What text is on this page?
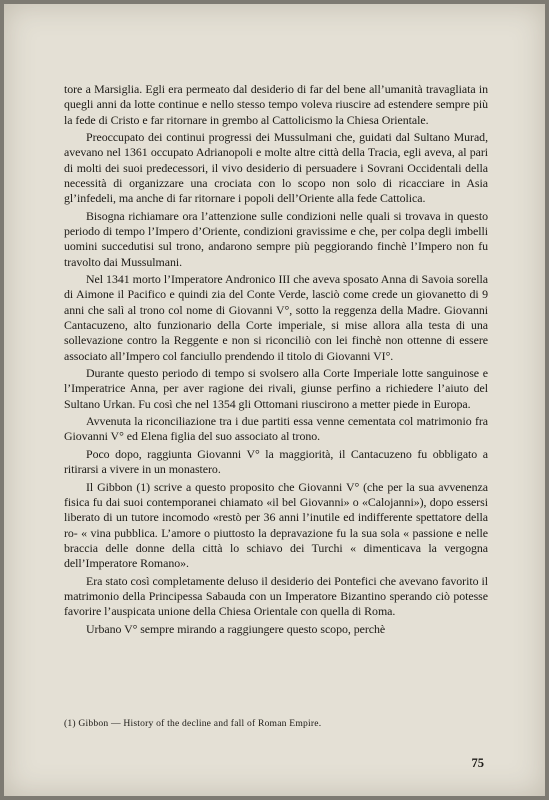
tore a Marsiglia. Egli era permeato dal desiderio di far del bene all’umanità travagliata in quegli anni da lotte continue e nello stesso tempo voleva riuscire ad estendere sempre più la fede di Cristo e far ritornare in grembo al Cattolicismo la Chiesa Orientale.

Preoccupato dei continui progressi dei Mussulmani che, guidati dal Sultano Murad, avevano nel 1361 occupato Adrianopoli e molte altre città della Tracia, egli aveva, al pari di molti dei suoi predecessori, il vivo desiderio di persuadere i Sovrani Occidentali della necessità di organizzare una crociata con lo scopo non solo di ricacciare in Asia gl’infedeli, ma anche di far ritornare i popoli dell’Oriente alla fede Cattolica.

Bisogna richiamare ora l’attenzione sulle condizioni nelle quali si trovava in questo periodo di tempo l’Impero d’Oriente, condizioni gravissime e che, per colpa degli imbelli uomini succedutisi sul trono, andarono sempre più peggiorando finchè l’Impero non fu travolto dai Mussulmani.

Nel 1341 morto l’Imperatore Andronico III che aveva sposato Anna di Savoia sorella di Aimone il Pacifico e quindi zia del Conte Verde, lasciò come crede un giovanetto di 9 anni che salì al trono col nome di Giovanni V°, sotto la reggenza della Madre. Giovanni Cantacuzeno, alto funzionario della Corte imperiale, si mise allora alla testa di una sollevazione contro la Reggente e non si riconciliò con lei finchè non ottenne di essere associato all’Impero col fanciullo prendendo il titolo di Giovanni VI°.

Durante questo periodo di tempo si svolsero alla Corte Imperiale lotte sanguinose e l’Imperatrice Anna, per aver ragione dei rivali, giunse perfino a richiedere l’aiuto del Sultano Urkan. Fu così che nel 1354 gli Ottomani riuscirono a metter piede in Europa.

Avvenuta la riconciliazione tra i due partiti essa venne cementata col matrimonio fra Giovanni V° ed Elena figlia del suo associato al trono.

Poco dopo, raggiunta Giovanni V° la maggiorità, il Cantacuzeno fu obbligato a ritirarsi a vivere in un monastero.

Il Gibbon (1) scrive a questo proposito che Giovanni V° (che per la sua avvenenza fisica fu dai suoi contemporanei chiamato «il bel Giovanni» o «Calojanni»), dopo essersi liberato di un tutore incomodo «restò per 36 anni l’inutile ed indifferente spettatore della ro- « vina pubblica. L’amore o piuttosto la depravazione fu la sua sola « passione e nelle braccia delle donne della città lo schiavo dei Turchi « dimenticava la vergogna dell’Imperatore Romano».

Era stato così completamente deluso il desiderio dei Pontefici che avevano favorito il matrimonio della Principessa Sabauda con un Imperatore Bizantino sperando ciò potesse favorire l’auspicata unione della Chiesa Orientale con quella di Roma.

Urbano V° sempre mirando a raggiungere questo scopo, perchè

(1) Gibbon — History of the decline and fall of Roman Empire.
75
